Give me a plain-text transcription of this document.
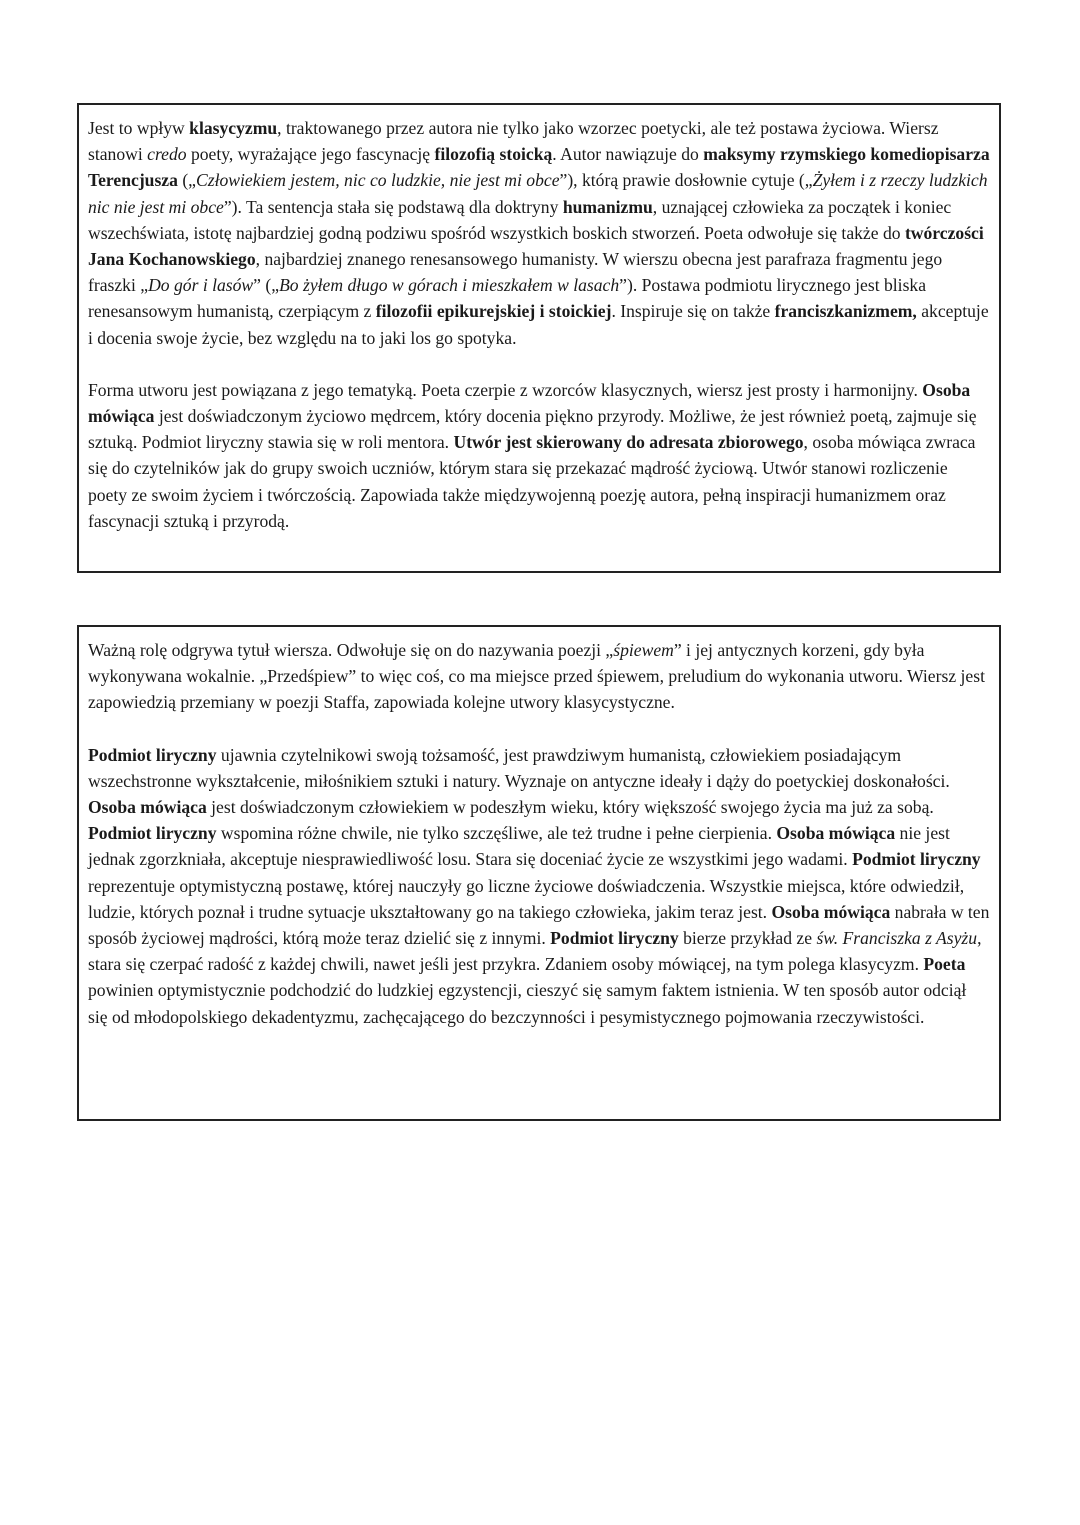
Jest to wpływ klasycyzmu, traktowanego przez autora nie tylko jako wzorzec poetycki, ale też postawa życiowa. Wiersz stanowi credo poety, wyrażające jego fascynację filozofią stoicką. Autor nawiązuje do maksymy rzymskiego komediopisarza Terencjusza („Człowiekiem jestem, nic co ludzkie, nie jest mi obce”), którą prawie dosłownie cytuje („Żyłem i z rzeczy ludzkich nic nie jest mi obce”). Ta sentencja stała się podstawą dla doktryny humanizmu, uznającej człowieka za początek i koniec wszechświata, istotę najbardziej godną podziwu spośród wszystkich boskich stworzeń. Poeta odwołuje się także do twórczości Jana Kochanowskiego, najbardziej znanego renesansowego humanisty. W wierszu obecna jest parafraza fragmentu jego fraszki „Do gór i lasów” („Bo żyłem długo w górach i mieszkałem w lasach”). Postawa podmiotu lirycznego jest bliska renesansowym humanistą, czerpiącym z filozofii epikurejskiej i stoickiej. Inspiruje się on także franciszkanizmem, akceptuje i docenia swoje życie, bez względu na to jaki los go spotyka.

Forma utworu jest powiązana z jego tematyką. Poeta czerpie z wzorców klasycznych, wiersz jest prosty i harmonijny. Osoba mówiąca jest doświadczonym życiowo mędrcem, który docenia piękno przyrody. Możliwe, że jest również poetą, zajmuje się sztuką. Podmiot liryczny stawia się w roli mentora. Utwór jest skierowany do adresata zbiorowego, osoba mówiąca zwraca się do czytelników jak do grupy swoich uczniów, którym stara się przekazać mądrość życiową. Utwór stanowi rozliczenie poety ze swoim życiem i twórczością. Zapowiada także międzywojenną poezję autora, pełną inspiracji humanizmem oraz fascynacji sztuką i przyrodą.

Ważną rolę odgrywa tytuł wiersza. Odwołuje się on do nazywania poezji „śpiewem” i jej antycznych korzeni, gdy była wykonywana wokalnie. „Przedśpiew” to więc coś, co ma miejsce przed śpiewem, preludium do wykonania utworu. Wiersz jest zapowiedzią przemiany w poezji Staffa, zapowiada kolejne utwory klasycystyczne.

Podmiot liryczny ujawnia czytelnikowi swoją tożsamość, jest prawdziwym humanistą, człowiekiem posiadającym wszechstronne wykształcenie, miłośnikiem sztuki i natury. Wyznaje on antyczne ideały i dąży do poetyckiej doskonałości. Osoba mówiąca jest doświadczonym człowiekiem w podeszłym wieku, który większość swojego życia ma już za sobą. Podmiot liryczny wspomina różne chwile, nie tylko szczęśliwe, ale też trudne i pełne cierpienia. Osoba mówiąca nie jest jednak zgorzkniała, akceptuje niesprawiedliwość losu. Stara się doceniać życie ze wszystkimi jego wadami. Podmiot liryczny reprezentuje optymistyczną postawę, której nauczyły go liczne życiowe doświadczenia. Wszystkie miejsca, które odwiedził, ludzie, których poznał i trudne sytuacje ukształtowany go na takiego człowieka, jakim teraz jest. Osoba mówiąca nabrała w ten sposób życiowej mądrości, którą może teraz dzielić się z innymi. Podmiot liryczny bierze przykład ze św. Franciszka z Asyżu, stara się czerpać radość z każdej chwili, nawet jeśli jest przykra. Zdaniem osoby mówiącej, na tym polega klasycyzm. Poeta powinien optymistycznie podchodzić do ludzkiej egzystencji, cieszyć się samym faktem istnienia. W ten sposób autor odciął się od młodopolskiego dekadentyzmu, zachęcającego do bezczynności i pesymistycznego pojmowania rzeczywistości.
